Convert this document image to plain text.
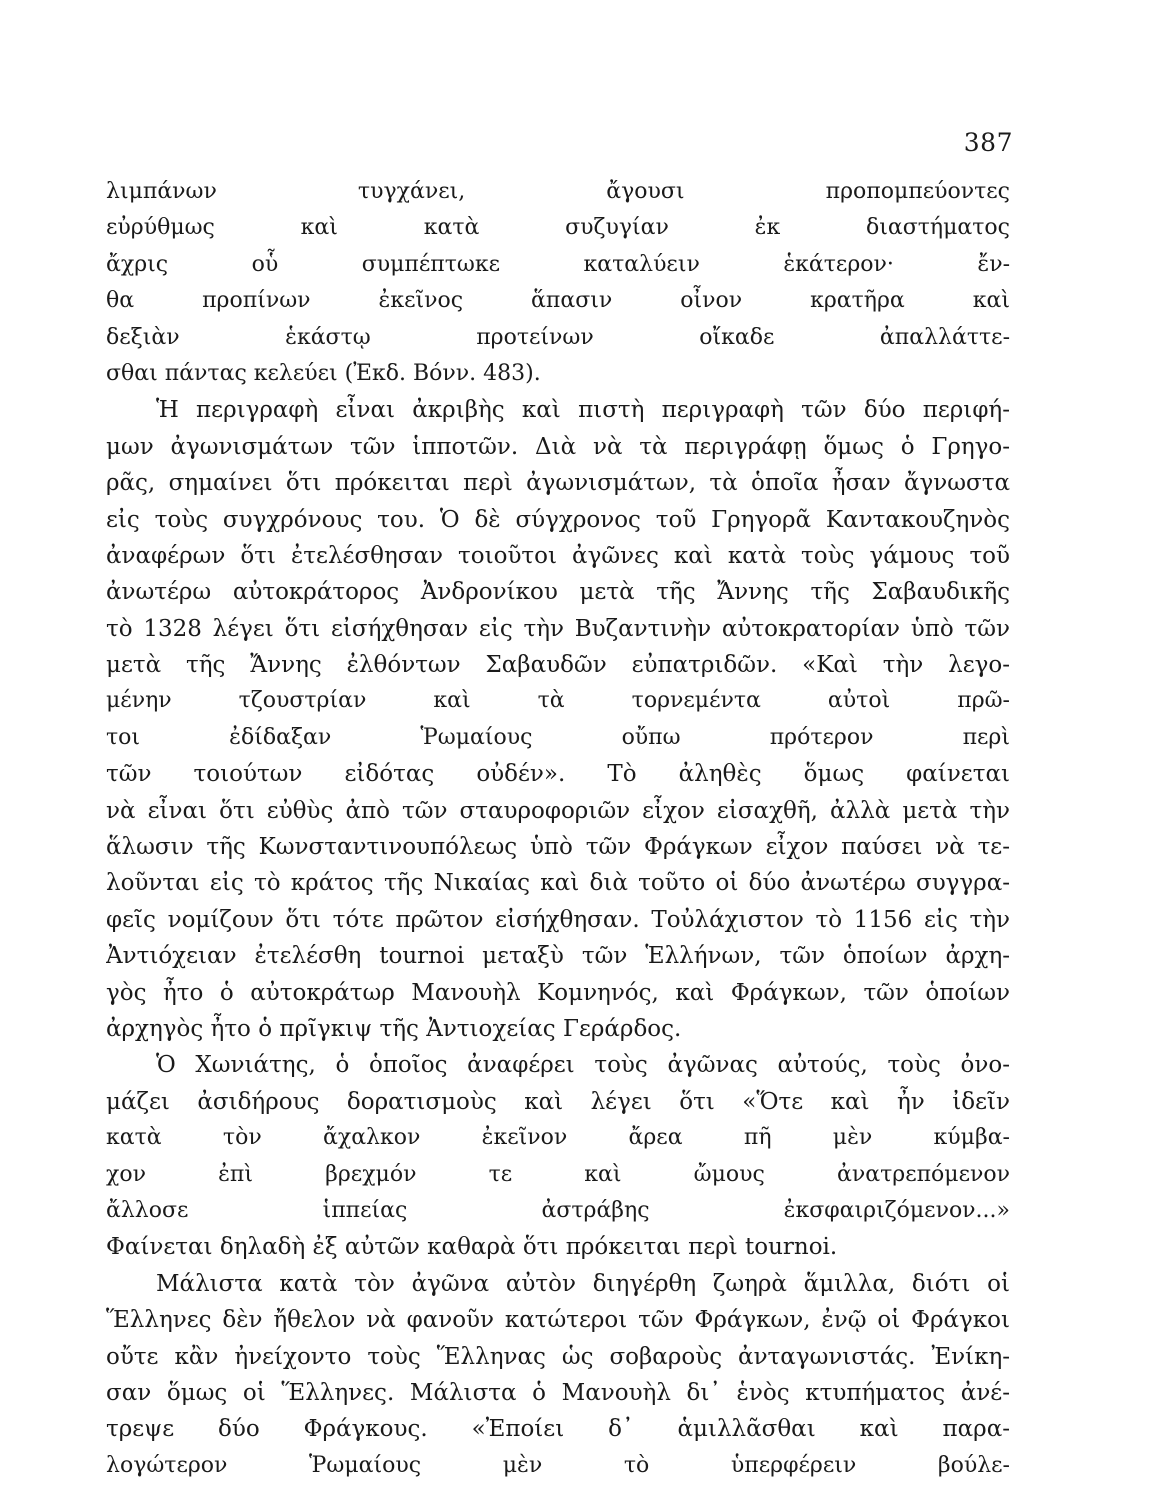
387
λιμπάνων τυγχάνει, ἄγουσι προπομπεύοντες
εὐρύθμως καὶ κατὰ συζυγίαν ἐκ διαστήματος
ἄχρις οὗ συμπέπτωκε καταλύειν ἑκάτερον· ἔν-
θα προπίνων ἐκεῖνος ἅπασιν οἶνον κρατῆρα καὶ
δεξιὰν ἑκάστῳ προτείνων οἴκαδε ἀπαλλάττε-
σθαι πάντας κελεύει (Ἐκδ. Βόνν. 483).
Ἡ περιγραφὴ εἶναι ἀκριβὴς καὶ πιστὴ περιγραφὴ τῶν δύο περιφή-
μων ἀγωνισμάτων τῶν ἱπποτῶν. Διὰ νὰ τὰ περιγράφῃ ὅμως ὁ Γρηγο-
ρᾶς, σημαίνει ὅτι πρόκειται περὶ ἀγωνισμάτων, τὰ ὁποῖα ἦσαν ἄγνωστα
εἰς τοὺς συγχρόνους του. Ὁ δὲ σύγχρονος τοῦ Γρηγορᾶ Καντακουζηνὸς
ἀναφέρων ὅτι ἐτελέσθησαν τοιοῦτοι ἀγῶνες καὶ κατὰ τοὺς γάμους τοῦ
ἀνωτέρω αὐτοκράτορος Ἀνδρονίκου μετὰ τῆς Ἄννης τῆς Σαβαυδικῆς
τὸ 1328 λέγει ὅτι εἰσήχθησαν εἰς τὴν Βυζαντινὴν αὐτοκρατορίαν ὑπὸ τῶν
μετὰ τῆς Ἄννης ἐλθόντων Σαβαυδῶν εὐπατριδῶν. «Καὶ τὴν λεγο-
μένην τζουστρίαν καὶ τὰ τορνεμέντα αὐτοὶ πρῶ-
τοι ἐδίδαξαν Ῥωμαίους οὔπω πρότερον περὶ
τῶν τοιούτων εἰδότας οὐδέν». Τὸ ἀληθὲς ὅμως φαίνεται
νὰ εἶναι ὅτι εὐθὺς ἀπὸ τῶν σταυροφοριῶν εἶχον εἰσαχθῆ, ἀλλὰ μετὰ τὴν
ἅλωσιν τῆς Κωνσταντινουπόλεως ὑπὸ τῶν Φράγκων εἶχον παύσει νὰ τε-
λοῦνται εἰς τὸ κράτος τῆς Νικαίας καὶ διὰ τοῦτο οἱ δύο ἀνωτέρω συγγρα-
φεῖς νομίζουν ὅτι τότε πρῶτον εἰσήχθησαν. Τοὐλάχιστον τὸ 1156 εἰς τὴν
Ἀντιόχειαν ἐτελέσθη tournoi μεταξὺ τῶν Ἑλλήνων, τῶν ὁποίων ἀρχη-
γὸς ἦτο ὁ αὐτοκράτωρ Μανουὴλ Κομνηνός, καὶ Φράγκων, τῶν ὁποίων
ἀρχηγὸς ἦτο ὁ πρῖγκιψ τῆς Ἀντιοχείας Γεράρδος.
Ὁ Χωνιάτης, ὁ ὁποῖος ἀναφέρει τοὺς ἀγῶνας αὐτούς, τοὺς ὀνο-
μάζει ἀσιδήρους δορατισμοὺς καὶ λέγει ὅτι «Ὅτε καὶ ἦν ἰδεῖν
κατὰ τὸν ἄχαλκον ἐκεῖνον ἄρεα πῆ μὲν κύμβα-
χον ἐπὶ βρεχμόν τε καὶ ὤμους ἀνατρεπόμενον
ἄλλοσε ἱππείας ἀστράβης ἐκσφαιριζόμενον...»
Φαίνεται δηλαδὴ ἐξ αὐτῶν καθαρὰ ὅτι πρόκειται περὶ tournoi.
Μάλιστα κατὰ τὸν ἀγῶνα αὐτὸν διηγέρθη ζωηρὰ ἅμιλλα, διότι οἱ
Ἕλληνες δὲν ἤθελον νὰ φανοῦν κατώτεροι τῶν Φράγκων, ἐνῷ οἱ Φράγκοι
οὔτε κἂν ἠνείχοντο τοὺς Ἕλληνας ὡς σοβαροὺς ἀνταγωνιστάς. Ἐνίκη-
σαν ὅμως οἱ Ἕλληνες. Μάλιστα ὁ Μανουὴλ δι᾿ ἑνὸς κτυπήματος ἀνέ-
τρεψε δύο Φράγκους. «Ἐποίει δ᾿ ἁμιλλᾶσθαι καὶ παρα-
λογώτερον Ῥωμαίους μὲν τὸ ὑπερφέρειν βούλε-
